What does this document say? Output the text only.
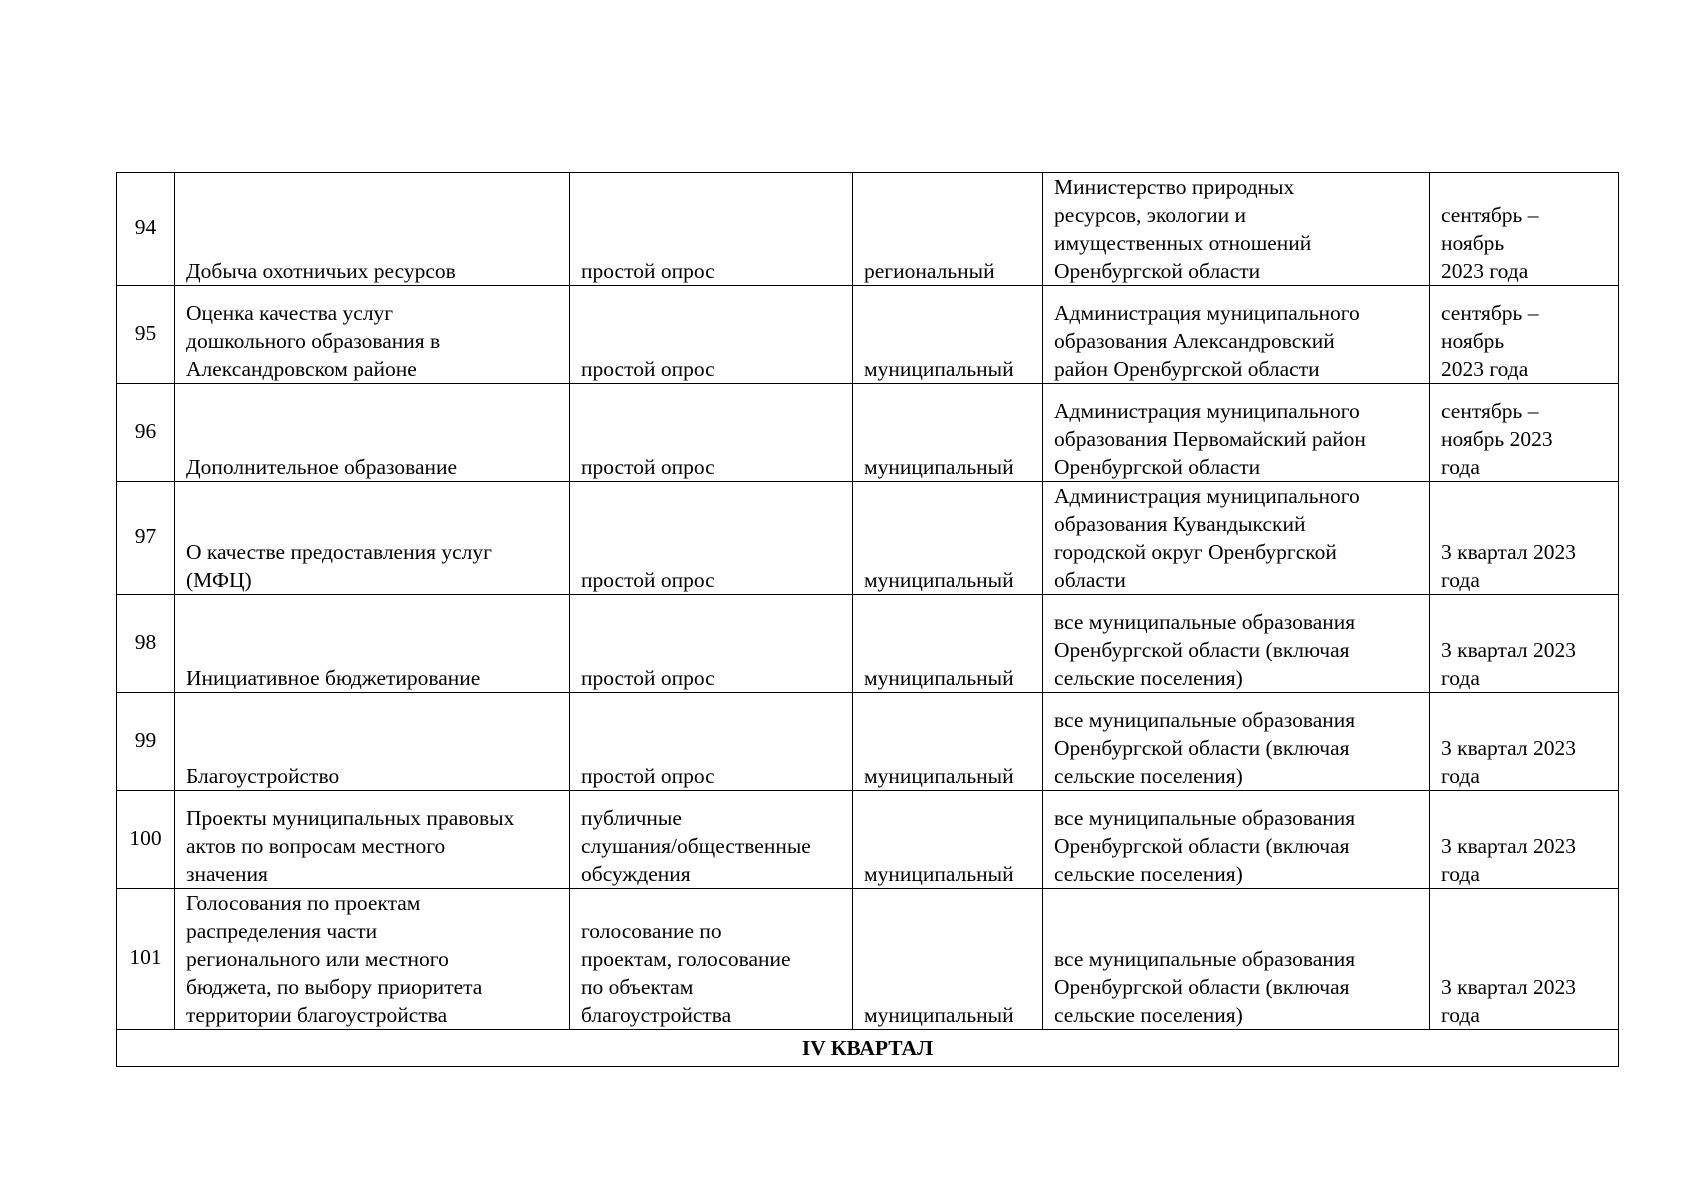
94	Добыча охотничьих ресурсов	простой опрос	региональный	Министерство природных
ресурсов, экологии и
имущественных отношений
Оренбургской области	сентябрь –
ноябрь
2023 года

95	Оценка качества услуг
дошкольного образования в
Александровском районе	простой опрос	муниципальный	Администрация муниципального
образования Александровский
район Оренбургской области	сентябрь –
ноябрь
2023 года

96	Дополнительное образование	простой опрос	муниципальный	Администрация муниципального
образования Первомайский район
Оренбургской области	сентябрь –
ноябрь 2023
года

97	О качестве предоставления услуг
(МФЦ)	простой опрос	муниципальный	Администрация муниципального
образования Кувандыкский
городской округ Оренбургской
области	3 квартал 2023
года

98	Инициативное бюджетирование	простой опрос	муниципальный	все муниципальные образования
Оренбургской области (включая
сельские поселения)	3 квартал 2023
года

99	Благоустройство	простой опрос	муниципальный	все муниципальные образования
Оренбургской области (включая
сельские поселения)	3 квартал 2023
года

100	Проекты муниципальных правовых
актов по вопросам местного
значения	публичные
слушания/общественные
обсуждения	муниципальный	все муниципальные образования
Оренбургской области (включая
сельские поселения)	3 квартал 2023
года

101	Голосования по проектам
распределения части
регионального или местного
бюджета, по выбору приоритета
территории благоустройства	голосование по
проектам, голосование
по объектам
благоустройства	муниципальный	все муниципальные образования
Оренбургской области (включая
сельские поселения)	3 квартал 2023
года

IV КВАРТАЛ					
